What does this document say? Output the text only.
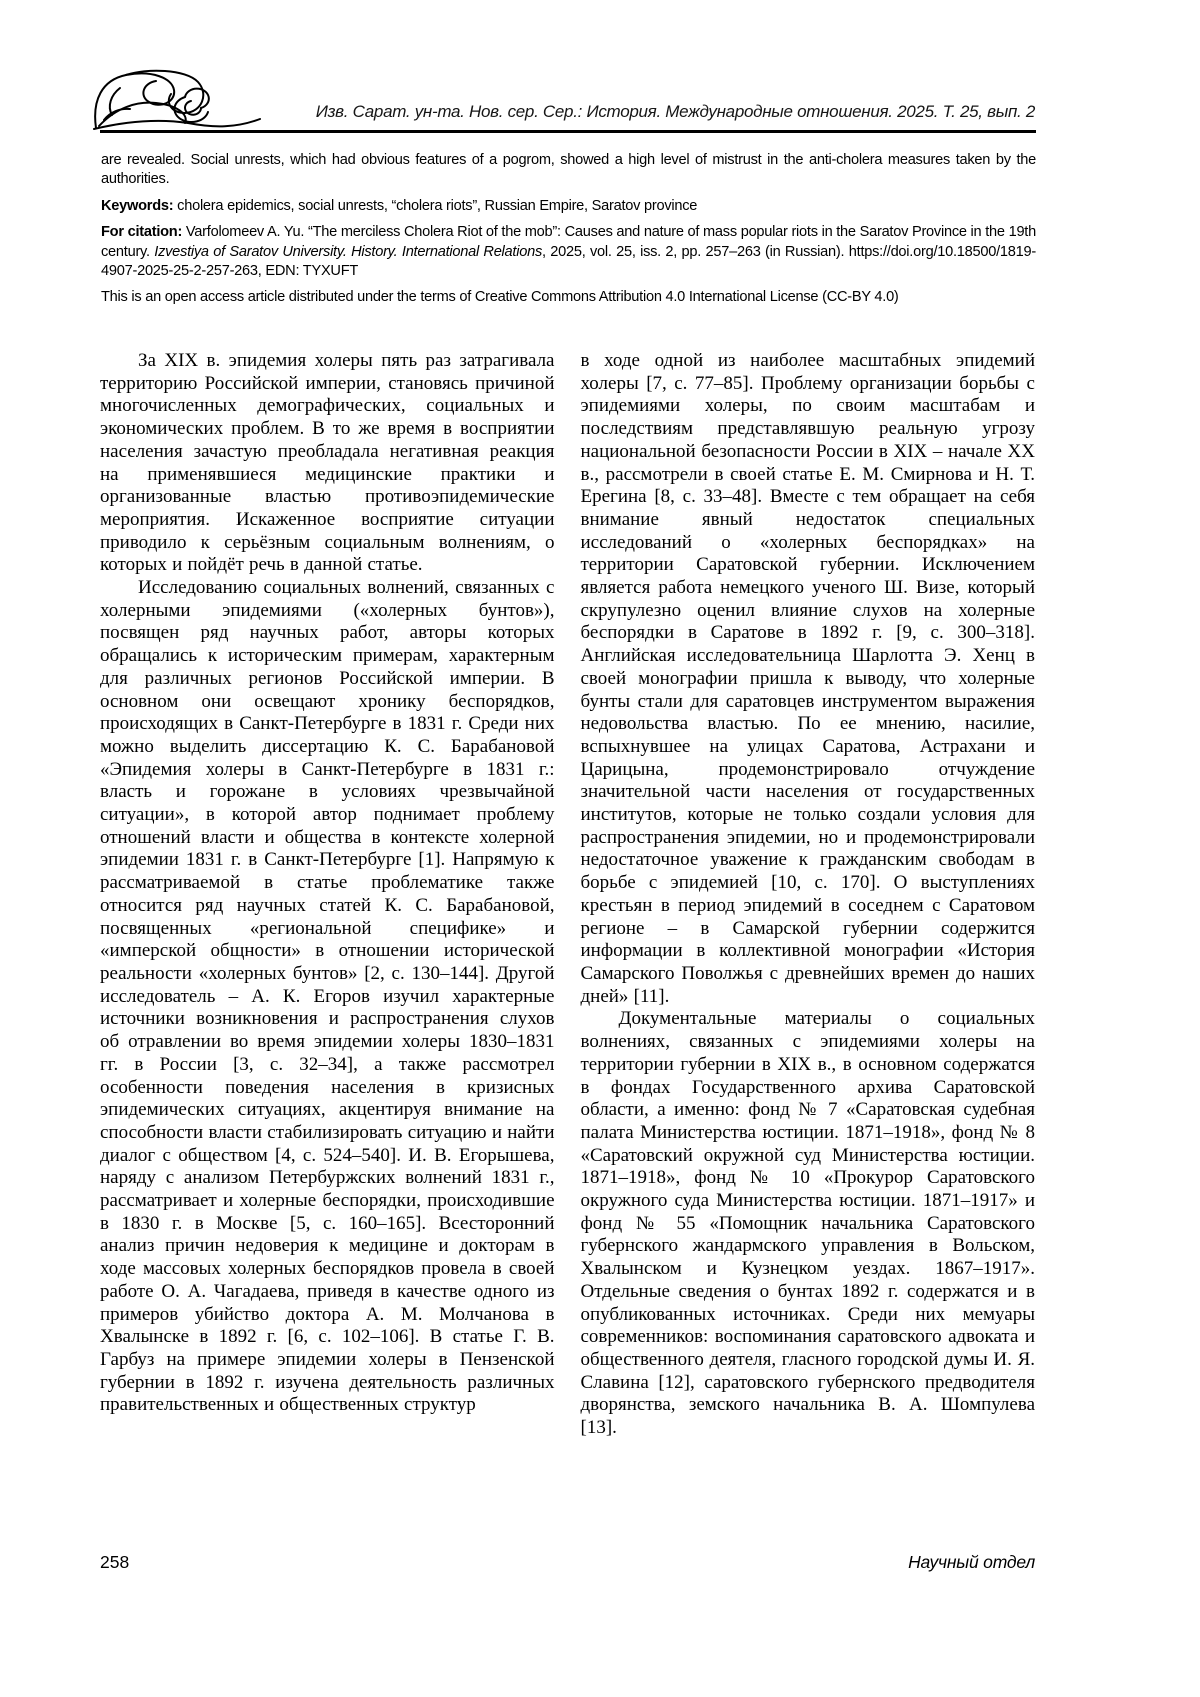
Изв. Сарат. ун-та. Нов. сер. Сер.: История. Международные отношения. 2025. Т. 25, вып. 2

are revealed. Social unrests, which had obvious features of a pogrom, showed a high level of mistrust in the anti-cholera measures taken by the authorities.

Keywords: cholera epidemics, social unrests, “cholera riots”, Russian Empire, Saratov province

For citation: Varfolomeev A. Yu. “The merciless Cholera Riot of the mob”: Causes and nature of mass popular riots in the Saratov Province in the 19th century. Izvestiya of Saratov University. History. International Relations, 2025, vol. 25, iss. 2, pp. 257–263 (in Russian). https://doi.org/10.18500/1819-4907-2025-25-2-257-263, EDN: TYXUFT

This is an open access article distributed under the terms of Creative Commons Attribution 4.0 International License (CC-BY 4.0)

За XIX в. эпидемия холеры пять раз затрагивала территорию Российской империи, становясь причиной многочисленных демографических, социальных и экономических проблем. В то же время в восприятии населения зачастую преобладала негативная реакция на применявшиеся медицинские практики и организованные властью противоэпидемические мероприятия. Искаженное восприятие ситуации приводило к серьёзным социальным волнениям, о которых и пойдёт речь в данной статье.

Исследованию социальных волнений, связанных с холерными эпидемиями («холерных бунтов»), посвящен ряд научных работ, авторы которых обращались к историческим примерам, характерным для различных регионов Российской империи. В основном они освещают хронику беспорядков, происходящих в Санкт-Петербурге в 1831 г. Среди них можно выделить диссертацию К. С. Барабановой «Эпидемия холеры в Санкт-Петербурге в 1831 г.: власть и горожане в условиях чрезвычайной ситуации», в которой автор поднимает проблему отношений власти и общества в контексте холерной эпидемии 1831 г. в Санкт-Петербурге [1]. Напрямую к рассматриваемой в статье проблематике также относится ряд научных статей К. С. Барабановой, посвященных «региональной специфике» и «имперской общности» в отношении исторической реальности «холерных бунтов» [2, с. 130–144]. Другой исследователь – А. К. Егоров изучил характерные источники возникновения и распространения слухов об отравлении во время эпидемии холеры 1830–1831 гг. в России [3, с. 32–34], а также рассмотрел особенности поведения населения в кризисных эпидемических ситуациях, акцентируя внимание на способности власти стабилизировать ситуацию и найти диалог с обществом [4, с. 524–540]. И. В. Егорышева, наряду с анализом Петербуржских волнений 1831 г., рассматривает и холерные беспорядки, происходившие в 1830 г. в Москве [5, с. 160–165]. Всесторонний анализ причин недоверия к медицине и докторам в ходе массовых холерных беспорядков провела в своей работе О. А. Чагадаева, приведя в качестве одного из примеров убийство доктора А. М. Молчанова в Хвалынске в 1892 г. [6, с. 102–106]. В статье Г. В. Гарбуз на примере эпидемии холеры в Пензенской губернии в 1892 г. изучена деятельность различных правительственных и общественных структур

в ходе одной из наиболее масштабных эпидемий холеры [7, с. 77–85]. Проблему организации борьбы с эпидемиями холеры, по своим масштабам и последствиям представлявшую реальную угрозу национальной безопасности России в XIX – начале XX в., рассмотрели в своей статье Е. М. Смирнова и Н. Т. Ерегина [8, с. 33–48]. Вместе с тем обращает на себя внимание явный недостаток специальных исследований о «холерных беспорядках» на территории Саратовской губернии. Исключением является работа немецкого ученого Ш. Визе, который скрупулезно оценил влияние слухов на холерные беспорядки в Саратове в 1892 г. [9, с. 300–318]. Английская исследовательница Шарлотта Э. Хенц в своей монографии пришла к выводу, что холерные бунты стали для саратовцев инструментом выражения недовольства властью. По ее мнению, насилие, вспыхнувшее на улицах Саратова, Астрахани и Царицына, продемонстрировало отчуждение значительной части населения от государственных институтов, которые не только создали условия для распространения эпидемии, но и продемонстрировали недостаточное уважение к гражданским свободам в борьбе с эпидемией [10, с. 170]. О выступлениях крестьян в период эпидемий в соседнем с Саратовом регионе – в Самарской губернии содержится информации в коллективной монографии «История Самарского Поволжья с древнейших времен до наших дней» [11].

Документальные материалы о социальных волнениях, связанных с эпидемиями холеры на территории губернии в XIX в., в основном содержатся в фондах Государственного архива Саратовской области, а именно: фонд № 7 «Саратовская судебная палата Министерства юстиции. 1871–1918», фонд № 8 «Саратовский окружной суд Министерства юстиции. 1871–1918», фонд № 10 «Прокурор Саратовского окружного суда Министерства юстиции. 1871–1917» и фонд № 55 «Помощник начальника Саратовского губернского жандармского управления в Вольском, Хвалынском и Кузнецком уездах. 1867–1917». Отдельные сведения о бунтах 1892 г. содержатся и в опубликованных источниках. Среди них мемуары современников: воспоминания саратовского адвоката и общественного деятеля, гласного городской думы И. Я. Славина [12], саратовского губернского предводителя дворянства, земского начальника В. А. Шомпулева [13].

258	Научный отдел
